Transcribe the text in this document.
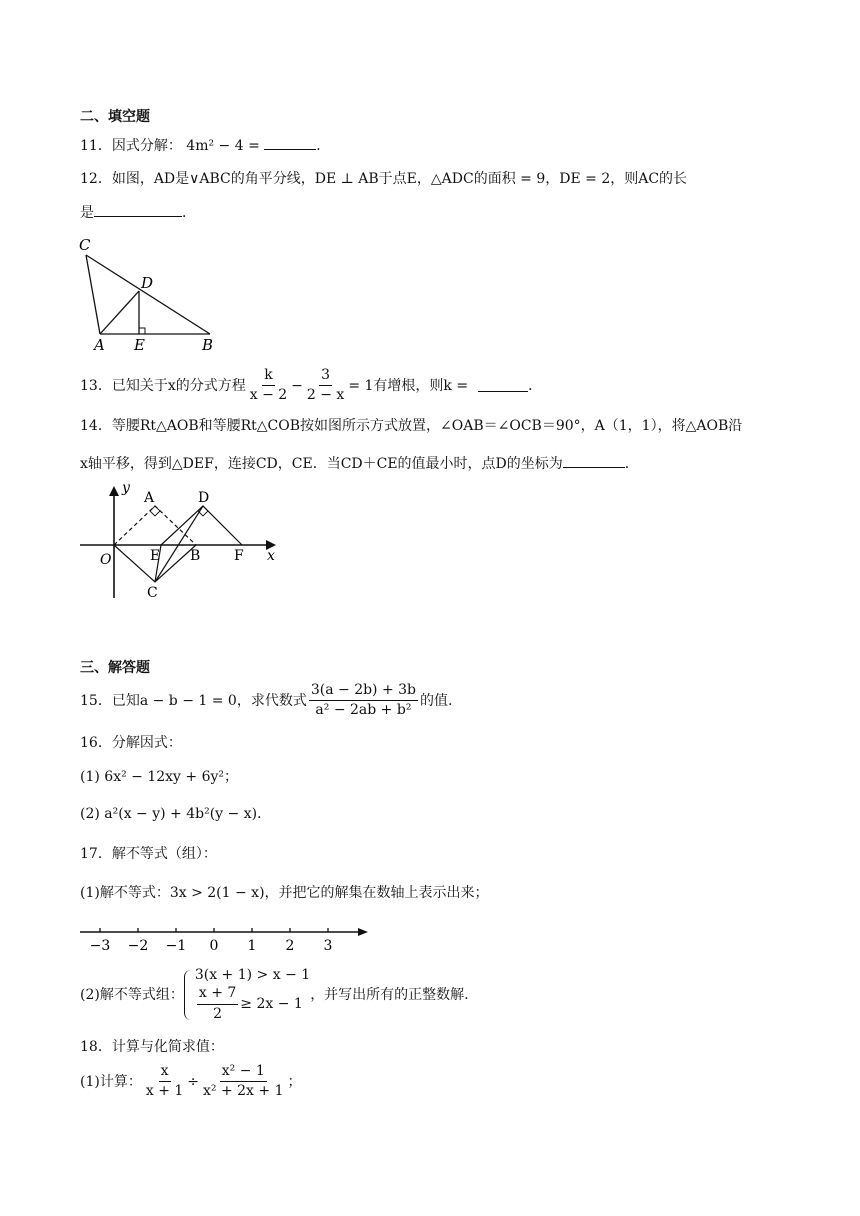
二、填空题
11．因式分解： 4m² − 4 =	．
12．如图，AD是∨ABC的角平分线，DE ⊥ AB于点E，△ADC的面积 = 9，DE = 2，则AC的长
是	．
C
D
A E	B
13．已知关于x的分式方程 $\frac{k}{x - 2} - \frac{3}{2 - x} = 1$有增根，则k =	．
14．等腰Rt△AOB和等腰Rt△COB按如图所示方式放置，∠OAB＝∠OCB＝90°，A（1，1），将△AOB沿
x轴平移，得到△DEF，连接CD，CE．当CD＋CE的值最小时，点D的坐标为	．
y
A	D
O	E B F x
C
三、解答题
15．已知a − b − 1 = 0，求代数式 $\frac{3(a - 2b) + 3b}{\text{a² − 2ab + b²}}$ 的值.
16．分解因式：
(1) 6x² − 12xy + 6y²；
(2) a²(x − y) + 4b²(y − x)．
17．解不等式（组）：
(1)解不等式：3x > 2(1 − x)，并把它的解集在数轴上表示出来；
−3 −2 −1 0 1 2 3
(2)解不等式组：
3(x + 1) > x − 1
$\frac{x + 7}{2} \ge 2x - 1$
，并写出所有的正整数解.
18．计算与化简求值：
(1)计算： $\frac{x}{x + 1} \div \frac{\text{x² − 1}}{\text{x² + 2x + 1}}$ ；
